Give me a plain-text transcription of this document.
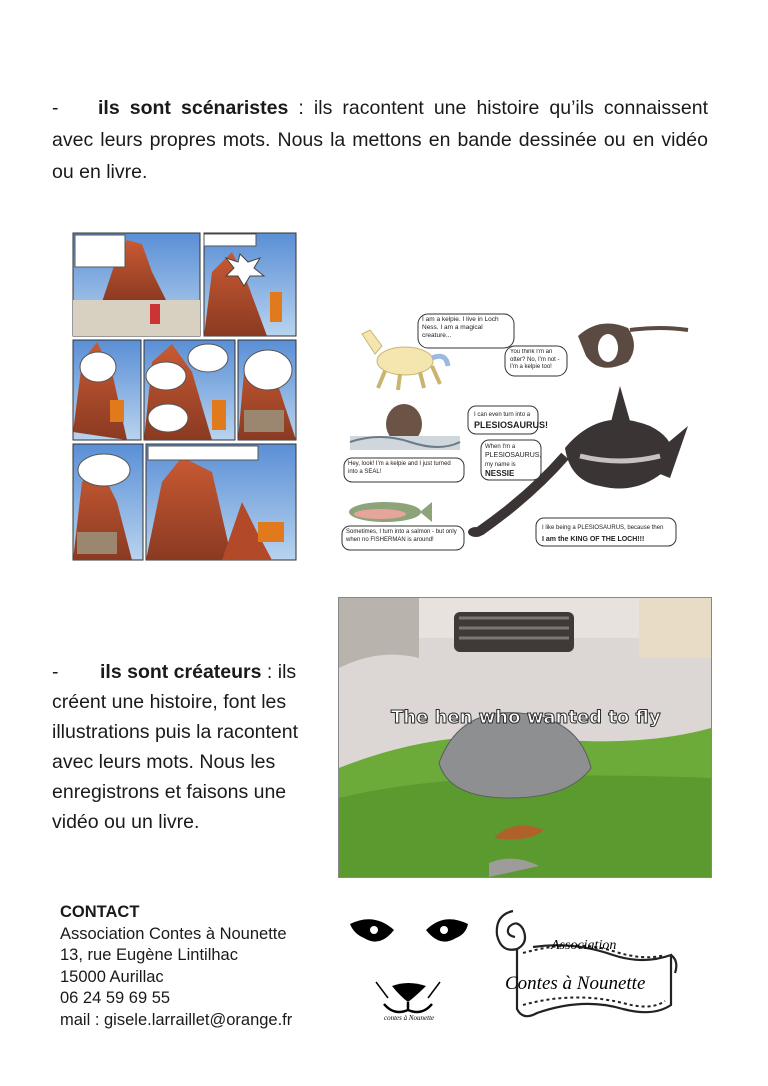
- ils sont scénaristes : ils racontent une histoire qu’ils connaissent avec leurs propres mots. Nous la mettons en bande dessinée ou en vidéo ou en livre.
I am a kelpie. I live in Loch Ness. I am a magical creature...
You think I'm an otter? No, I'm not - I'm a kelpie too!
I can even turn into a
PLESIOSAURUS!
When I'm a
PLESIOSAURUS,
my name is
NESSIE
Hey, look! I'm a kelpie and I just turned into a SEAL!
Sometimes, I turn into a salmon - but only when no FISHERMAN is around!
I like being a PLESIOSAURUS, because then
I am the KING OF THE LOCH!!!
- ils sont créateurs : ils
créent une histoire, font les
illustrations puis la racontent
avec leurs mots. Nous les
enregistrons et faisons une
vidéo ou un livre.
The hen who wanted to fly
CONTACT
Association Contes à Nounette
13, rue Eugène Lintilhac
15000 Aurillac
06 24 59 69 55
mail : gisele.larraillet@orange.fr	contes à Nounette
Association
Contes à Nounette
